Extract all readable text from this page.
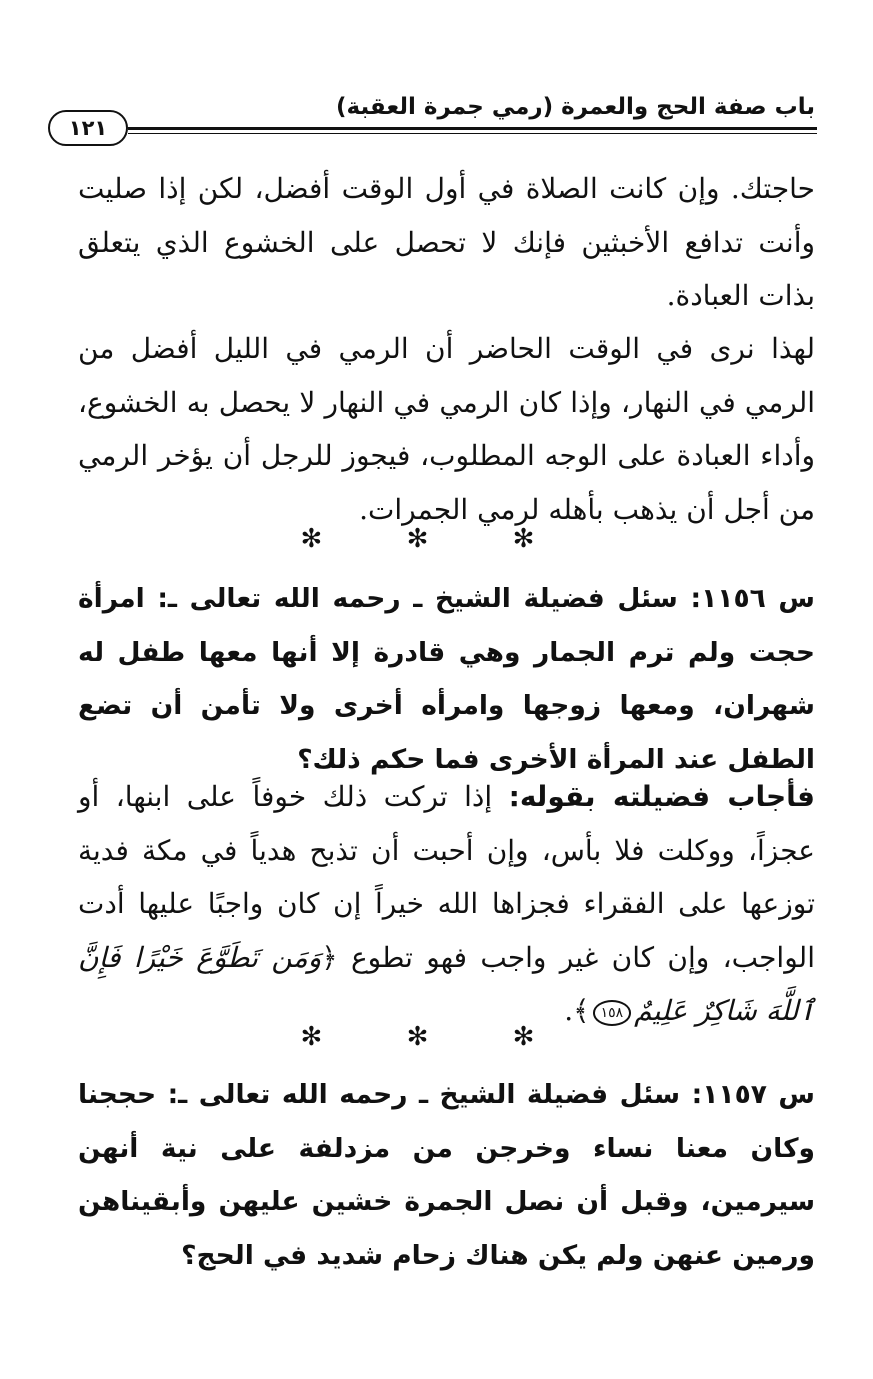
باب صفة الحج والعمرة (رمي جمرة العقبة)
١٢١

حاجتك. وإن كانت الصلاة في أول الوقت أفضل، لكن إذا صليت وأنت تدافع الأخبثين فإنك لا تحصل على الخشوع الذي يتعلق بذات العبادة.

لهذا نرى في الوقت الحاضر أن الرمي في الليل أفضل من الرمي في النهار، وإذا كان الرمي في النهار لا يحصل به الخشوع، وأداء العبادة على الوجه المطلوب، فيجوز للرجل أن يؤخر الرمي من أجل أن يذهب بأهله لرمي الجمرات.

✻ ✻ ✻

س ١١٥٦: سئل فضيلة الشيخ ـ رحمه الله تعالى ـ: امرأة حجت ولم ترم الجمار وهي قادرة إلا أنها معها طفل له شهران، ومعها زوجها وامرأه أخرى ولا تأمن أن تضع الطفل عند المرأة الأخرى فما حكم ذلك؟

فأجاب فضيلته بقوله: إذا تركت ذلك خوفاً على ابنها، أو عجزاً، ووكلت فلا بأس، وإن أحبت أن تذبح هدياً في مكة فدية توزعها على الفقراء فجزاها الله خيراً إن كان واجبًا عليها أدت الواجب، وإن كان غير واجب فهو تطوع ﴿وَمَن تَطَوَّعَ خَيْرًا فَإِنَّ ٱللَّهَ شَاكِرٌ عَلِيمٌ١٥٨﴾.

✻ ✻ ✻

س ١١٥٧: سئل فضيلة الشيخ ـ رحمه الله تعالى ـ: حججنا وكان معنا نساء وخرجن من مزدلفة على نية أنهن سيرمين، وقبل أن نصل الجمرة خشين عليهن وأبقيناهن ورمين عنهن ولم يكن هناك زحام شديد في الحج؟
